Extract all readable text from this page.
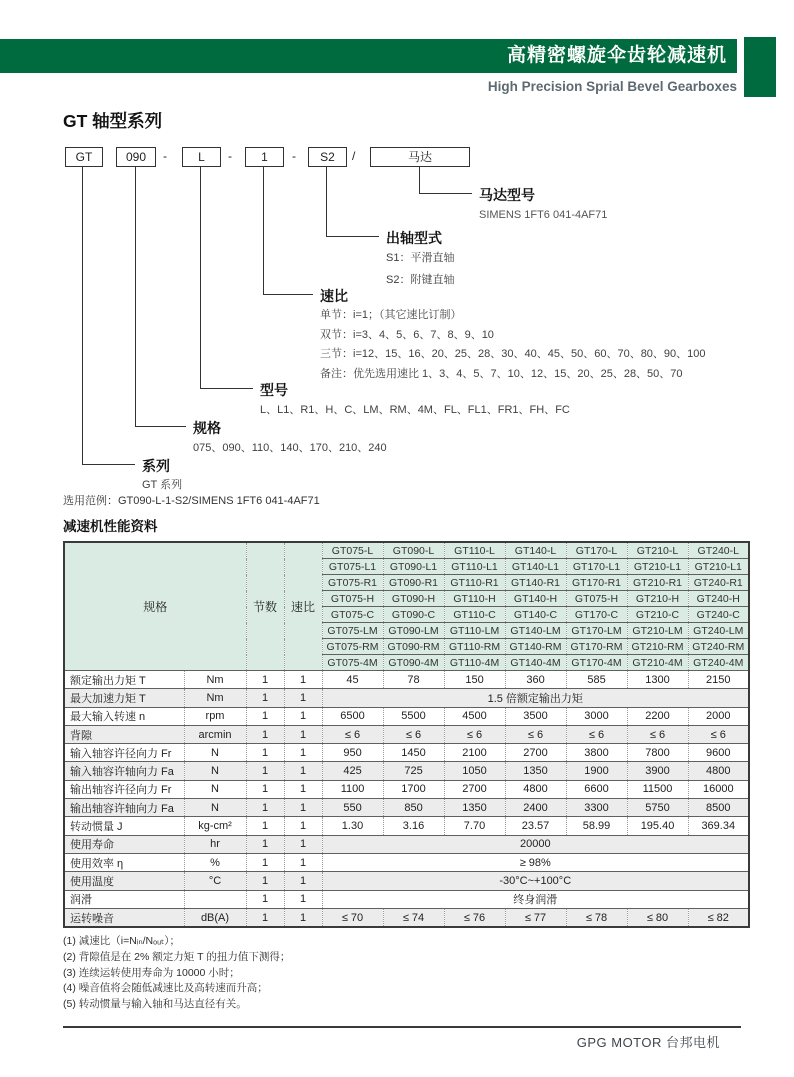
高精密螺旋伞齿轮减速机
High Precision Sprial Bevel Gearboxes
GT 轴型系列
GT	090	-	L	-	1	-	S2	/	马达
马达型号
SIMENS 1FT6 041-4AF71
出轴型式
S1：平滑直轴
S2：附键直轴
速比
单节：i=1；（其它速比订制）
双节：i=3、4、5、6、7、8、9、10
三节：i=12、15、16、20、25、28、30、40、45、50、60、70、80、90、100
备注：优先选用速比 1、3、4、5、7、10、12、15、20、25、28、50、70
型号
L、L1、R1、H、C、LM、RM、4M、FL、FL1、FR1、FH、FC
规格
075、090、110、140、170、210、240
系列
GT 系列
选用范例：GT090-L-1-S2/SIMENS 1FT6 041-4AF71
减速机性能资料
规格		节数	速比	GT075-L	GT090-L	GT110-L	GT140-L	GT170-L	GT210-L	GT240-L
				GT075-L1	GT090-L1	GT110-L1	GT140-L1	GT170-L1	GT210-L1	GT210-L1
				GT075-R1	GT090-R1	GT110-R1	GT140-R1	GT170-R1	GT210-R1	GT240-R1
				GT075-H	GT090-H	GT110-H	GT140-H	GT075-H	GT210-H	GT240-H
				GT075-C	GT090-C	GT110-C	GT140-C	GT170-C	GT210-C	GT240-C
				GT075-LM	GT090-LM	GT110-LM	GT140-LM	GT170-LM	GT210-LM	GT240-LM
				GT075-RM	GT090-RM	GT110-RM	GT140-RM	GT170-RM	GT210-RM	GT240-RM
				GT075-4M	GT090-4M	GT110-4M	GT140-4M	GT170-4M	GT210-4M	GT240-4M
额定输出力矩 T	Nm	1	1	45	78	150	360	585	1300	2150
最大加速力矩 T	Nm	1	1	1.5 倍额定输出力矩						
最大输入转速 n	rpm	1	1	6500	5500	4500	3500	3000	2200	2000
背隙	arcmin	1	1	≤ 6	≤ 6	≤ 6	≤ 6	≤ 6	≤ 6	≤ 6
输入轴容许径向力 Fr	N	1	1	950	1450	2100	2700	3800	7800	9600
输入轴容许轴向力 Fa	N	1	1	425	725	1050	1350	1900	3900	4800
输出轴容许径向力 Fr	N	1	1	1100	1700	2700	4800	6600	11500	16000
输出轴容许轴向力 Fa	N	1	1	550	850	1350	2400	3300	5750	8500
转动惯量 J	kg-cm²	1	1	1.30	3.16	7.70	23.57	58.99	195.40	369.34
使用寿命	hr	1	1	20000						
使用效率 η	%	1	1	≥ 98%						
使用温度	°C	1	1	-30°C~+100°C						
润滑		1	1	终身润滑						
运转噪音	dB(A)	1	1	≤ 70	≤ 74	≤ 76	≤ 77	≤ 78	≤ 80	≤ 82
(1) 减速比（i=Nᵢₙ/Nₒᵤₜ）；
(2) 背隙值是在 2% 额定力矩 T 的扭力值下测得；
(3) 连续运转使用寿命为 10000 小时；
(4) 噪音值将会随低减速比及高转速而升高；
(5) 转动惯量与输入轴和马达直径有关。
GPG MOTOR 台邦电机
